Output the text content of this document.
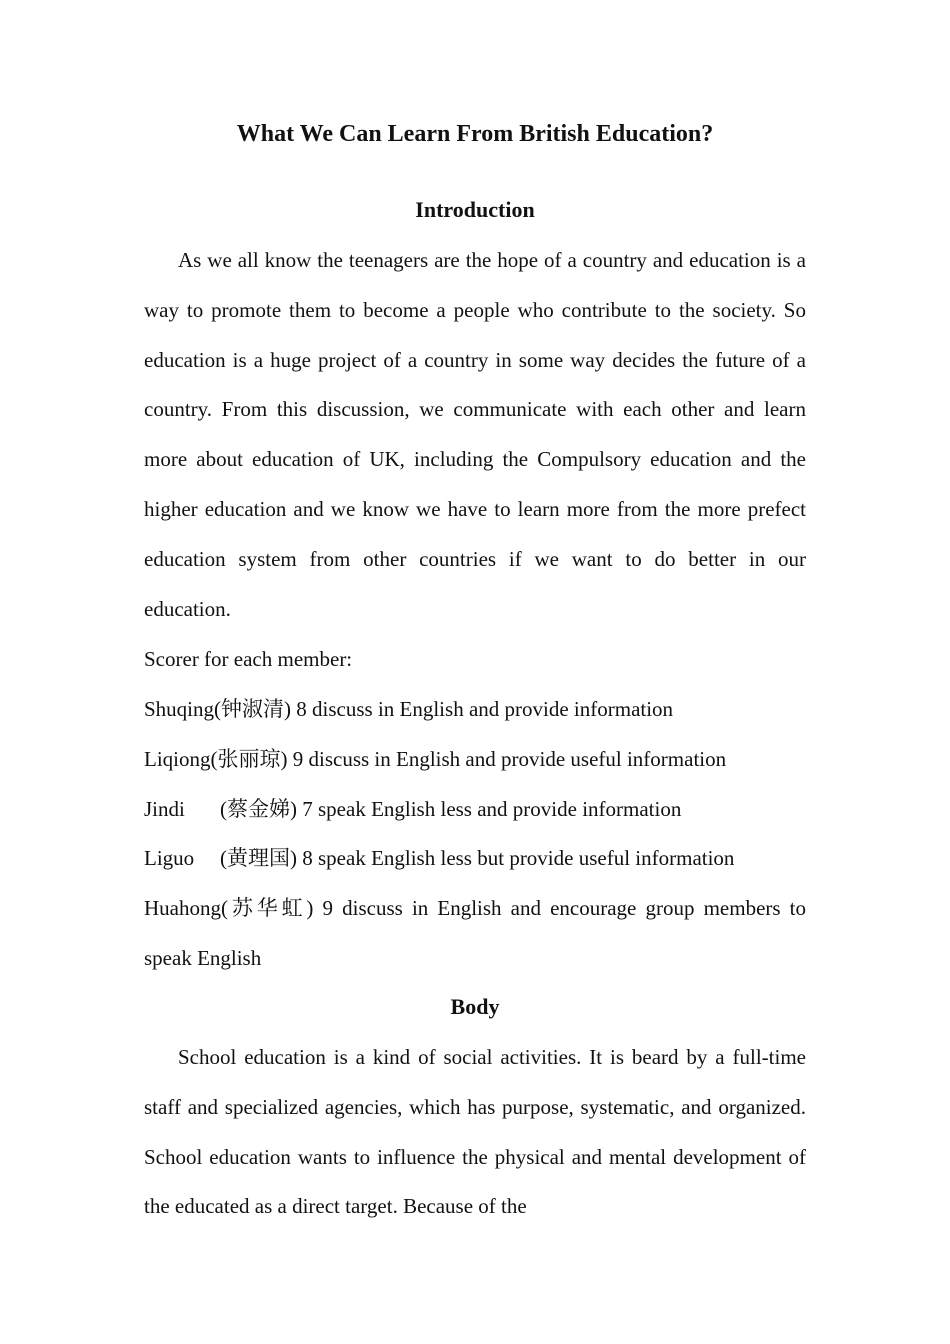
What We Can Learn From British Education?
Introduction

As we all know the teenagers are the hope of a country and education is a way to promote them to become a people who contribute to the society. So education is a huge project of a country in some way decides the future of a country. From this discussion, we communicate with each other and learn more about education of UK, including the Compulsory education and the higher education and we know we have to learn more from the more prefect education system from other countries if we want to do better in our education.

Scorer for each member:

Shuqing(钟淑清) 8 discuss in English and provide information
Liqiong(张丽琼) 9 discuss in English and provide useful information
Jindi (蔡金娣) 7 speak English less and provide information
Liguo (黄理国) 8 speak English less but provide useful information
Huahong(苏华虹) 9 discuss in English and encourage group members to speak English
Body

School education is a kind of social activities. It is beard by a full-time staff and specialized agencies, which has purpose, systematic, and organized. School education wants to influence the physical and mental development of the educated as a direct target. Because of the
